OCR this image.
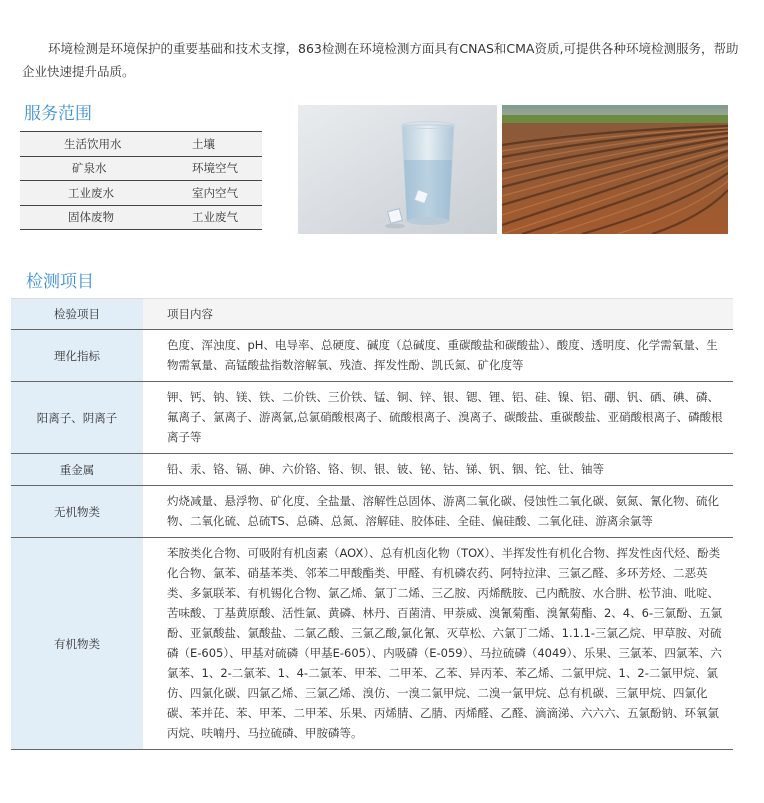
环境检测是环境保护的重要基础和技术支撑，863检测在环境检测方面具有CNAS和CMA资质,可提供各种环境检测服务，帮助企业快速提升品质。

服务范围
生活饮用水	土壤
矿泉水	环境空气
工业废水	室内空气
固体废物	工业废气
检测项目
检验项目	项目内容
理化指标	色度、浑浊度、pH、电导率、总硬度、碱度（总碱度、重碳酸盐和碳酸盐）、酸度、透明度、化学需氧量、生物需氧量、高锰酸盐指数溶解氧、残渣、挥发性酚、凯氏氮、矿化度等
阳离子、阴离子	钾、钙、钠、镁、铁、二价铁、三价铁、锰、铜、锌、银、锶、锂、铝、硅、镍、铝、硼、钒、硒、碘、磷、氟离子、氯离子、游离氯,总氯硝酸根离子、硫酸根离子、溴离子、碳酸盐、重碳酸盐、亚硝酸根离子、磷酸根离子等
重金属	铅、汞、铬、镉、砷、六价铬、铬、钡、银、铍、铋、钴、锑、钒、铟、铊、钍、铀等
无机物类	灼烧减量、悬浮物、矿化度、全盐量、溶解性总固体、游离二氧化碳、侵蚀性二氧化碳、氨氮、氰化物、硫化物、二氧化硫、总硫TS、总磷、总氮、溶解硅、胶体硅、全硅、偏硅酸、二氧化硅、游离余氯等
有机物类	苯胺类化合物、可吸附有机卤素（AOX）、总有机卤化物（TOX）、半挥发性有机化合物、挥发性卤代烃、酚类化合物、氯苯、硝基苯类、邻苯二甲酸酯类、甲醛、有机磷农药、阿特拉津、三氯乙醛、多环芳烃、二恶英类、多氯联苯、有机锡化合物、氯乙烯、氯丁二烯、三乙胺、丙烯酰胺、己内酰胺、水合肼、松节油、吡啶、苦味酸、丁基黄原酸、活性氯、黄磷、林丹、百菌清、甲萘威、溴氰菊酯、溴氰菊酯、2、4、6-三氯酚、五氯酚、亚氯酸盐、氯酸盐、二氯乙酸、三氯乙酸,氯化氰、灭草松、六氯丁二烯、1.1.1-三氯乙烷、甲草胺、对硫磷（E-605）、甲基对硫磷（甲基E-605）、内吸磷（E-059）、马拉硫磷（4049）、乐果、三氯苯、四氯苯、六氯苯、1、2-二氯苯、1、4-二氯苯、甲苯、二甲苯、乙苯、异丙苯、苯乙烯、二氯甲烷、1、2-二氯甲烷、氯仿、四氯化碳、四氯乙烯、三氯乙烯、溴仿、一溴二氯甲烷、二溴一氯甲烷、总有机碳、三氯甲烷、四氯化碳、苯并芘、苯、甲苯、二甲苯、乐果、丙烯腈、乙腈、丙烯醛、乙醛、滴滴涕、六六六、五氯酚钠、环氧氯丙烷、呋喃丹、马拉硫磷、甲胺磷等。
